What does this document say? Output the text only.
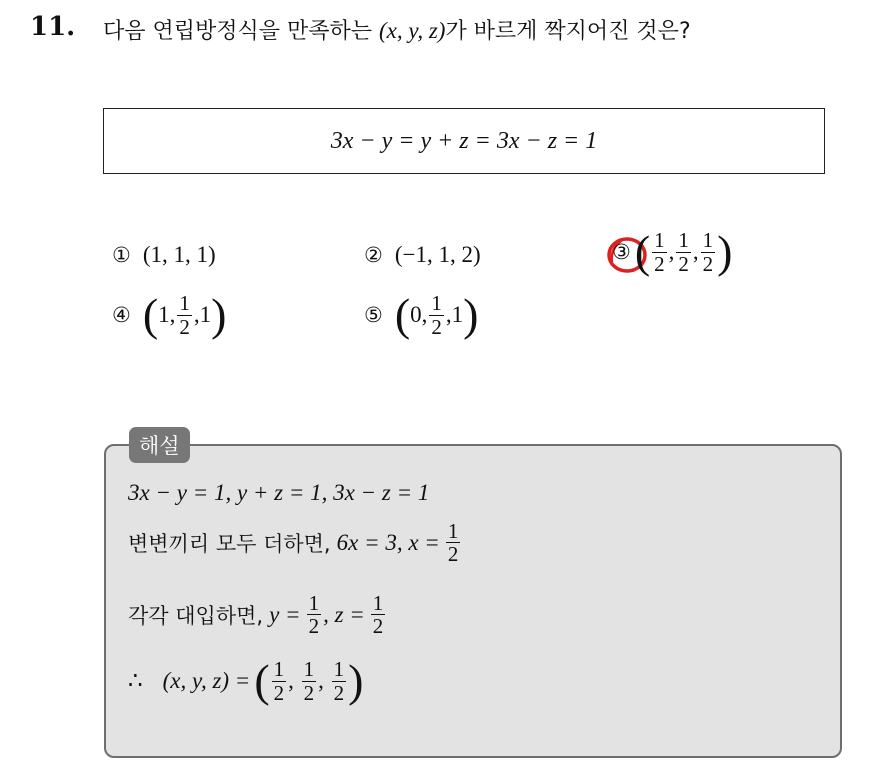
11. 다음 연립방정식을 만족하는 (x, y, z)가 바르게 짝지어진 것은?
3x − y = y + z = 3x − z = 1
① (1, 1, 1)	② (−1, 1, 2)	③ ( $\frac{1}{2}$ , $\frac{1}{2}$ , $\frac{1}{2}$ )
④ ( 1, $\frac{1}{2} ,1$ )	⑤ ( 0, $\frac{1}{2} ,1$ )
해설
3x − y = 1, y + z = 1, 3x − z = 1
변변끼리 모두 더하면, 6x = 3, $x = \frac{1}{2}$
각각 대입하면, $y = \frac{1}{2}$ , $z = \frac{1}{2}$
∴ (x, y, z) = ( $\frac{1}{2}$ , $\frac{1}{2}$ , $\frac{1}{2}$ )
